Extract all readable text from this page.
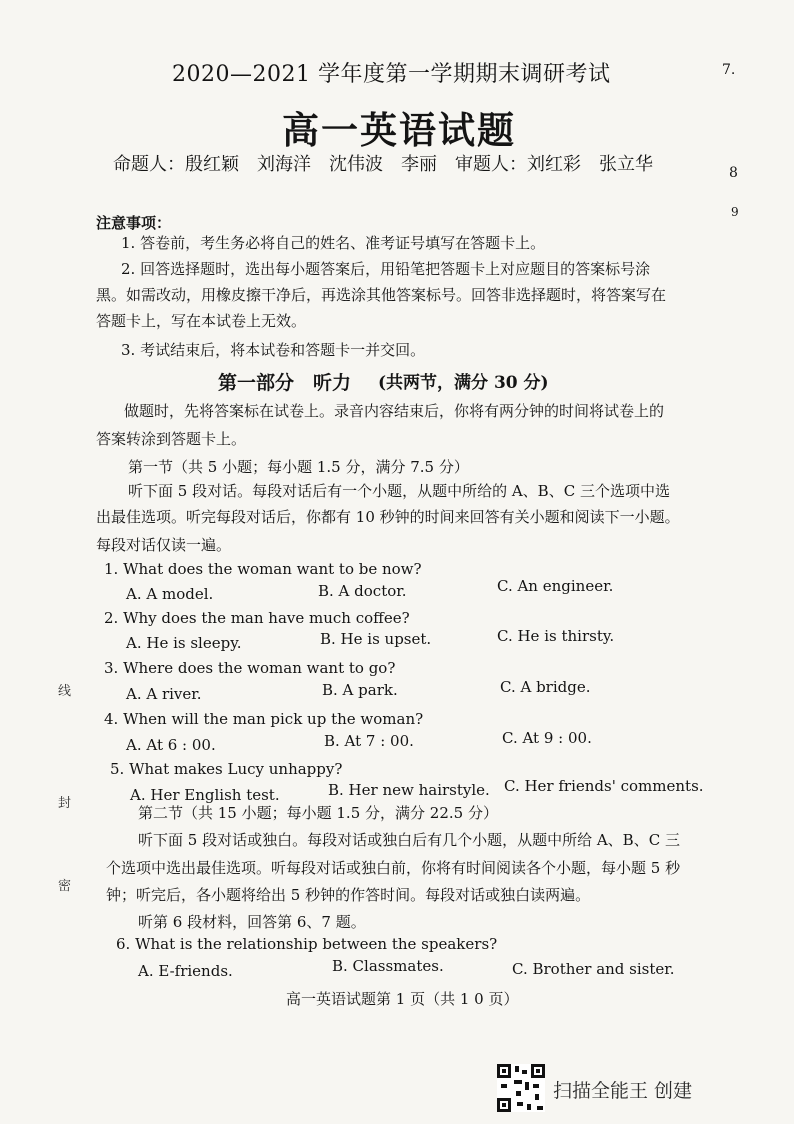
2020—2021 学年度第一学期期末调研考试
高一英语试题
命题人：殷红颖　刘海洋　沈伟波　李丽　审题人：刘红彩　张立华
7.
8
9
线
封
密
注意事项：
1. 答卷前，考生务必将自己的姓名、准考证号填写在答题卡上。
2. 回答选择题时，选出每小题答案后，用铅笔把答题卡上对应题目的答案标号涂
黑。如需改动，用橡皮擦干净后，再选涂其他答案标号。回答非选择题时，将答案写在
答题卡上，写在本试卷上无效。
3. 考试结束后，将本试卷和答题卡一并交回。
第一部分　听力 (共两节，满分 30 分)
做题时，先将答案标在试卷上。录音内容结束后，你将有两分钟的时间将试卷上的
答案转涂到答题卡上。
第一节（共 5 小题；每小题 1.5 分，满分 7.5 分）
听下面 5 段对话。每段对话后有一个小题，从题中所给的 A、B、C 三个选项中选
出最佳选项。听完每段对话后，你都有 10 秒钟的时间来回答有关小题和阅读下一小题。
每段对话仅读一遍。
1. What does the woman want to be now?
A. A model.	B. A doctor.	C. An engineer.
2. Why does the man have much coffee?
A. He is sleepy.	B. He is upset.	C. He is thirsty.
3. Where does the woman want to go?
A. A river.	B. A park.	C. A bridge.
4. When will the man pick up the woman?
A. At 6 : 00.	B. At 7 : 00.	C. At 9 : 00.
5. What makes Lucy unhappy?
A. Her English test.	B. Her new hairstyle. C. Her friends' comments.
第二节（共 15 小题；每小题 1.5 分，满分 22.5 分）
听下面 5 段对话或独白。每段对话或独白后有几个小题，从题中所给 A、B、C 三
个选项中选出最佳选项。听每段对话或独白前，你将有时间阅读各个小题，每小题 5 秒
钟；听完后，各小题将给出 5 秒钟的作答时间。每段对话或独白读两遍。
听第 6 段材料，回答第 6、7 题。
6. What is the relationship between the speakers?
A. E-friends.	B. Classmates.	C. Brother and sister.
高一英语试题第 1 页（共 1 0 页）
扫描全能王 创建
